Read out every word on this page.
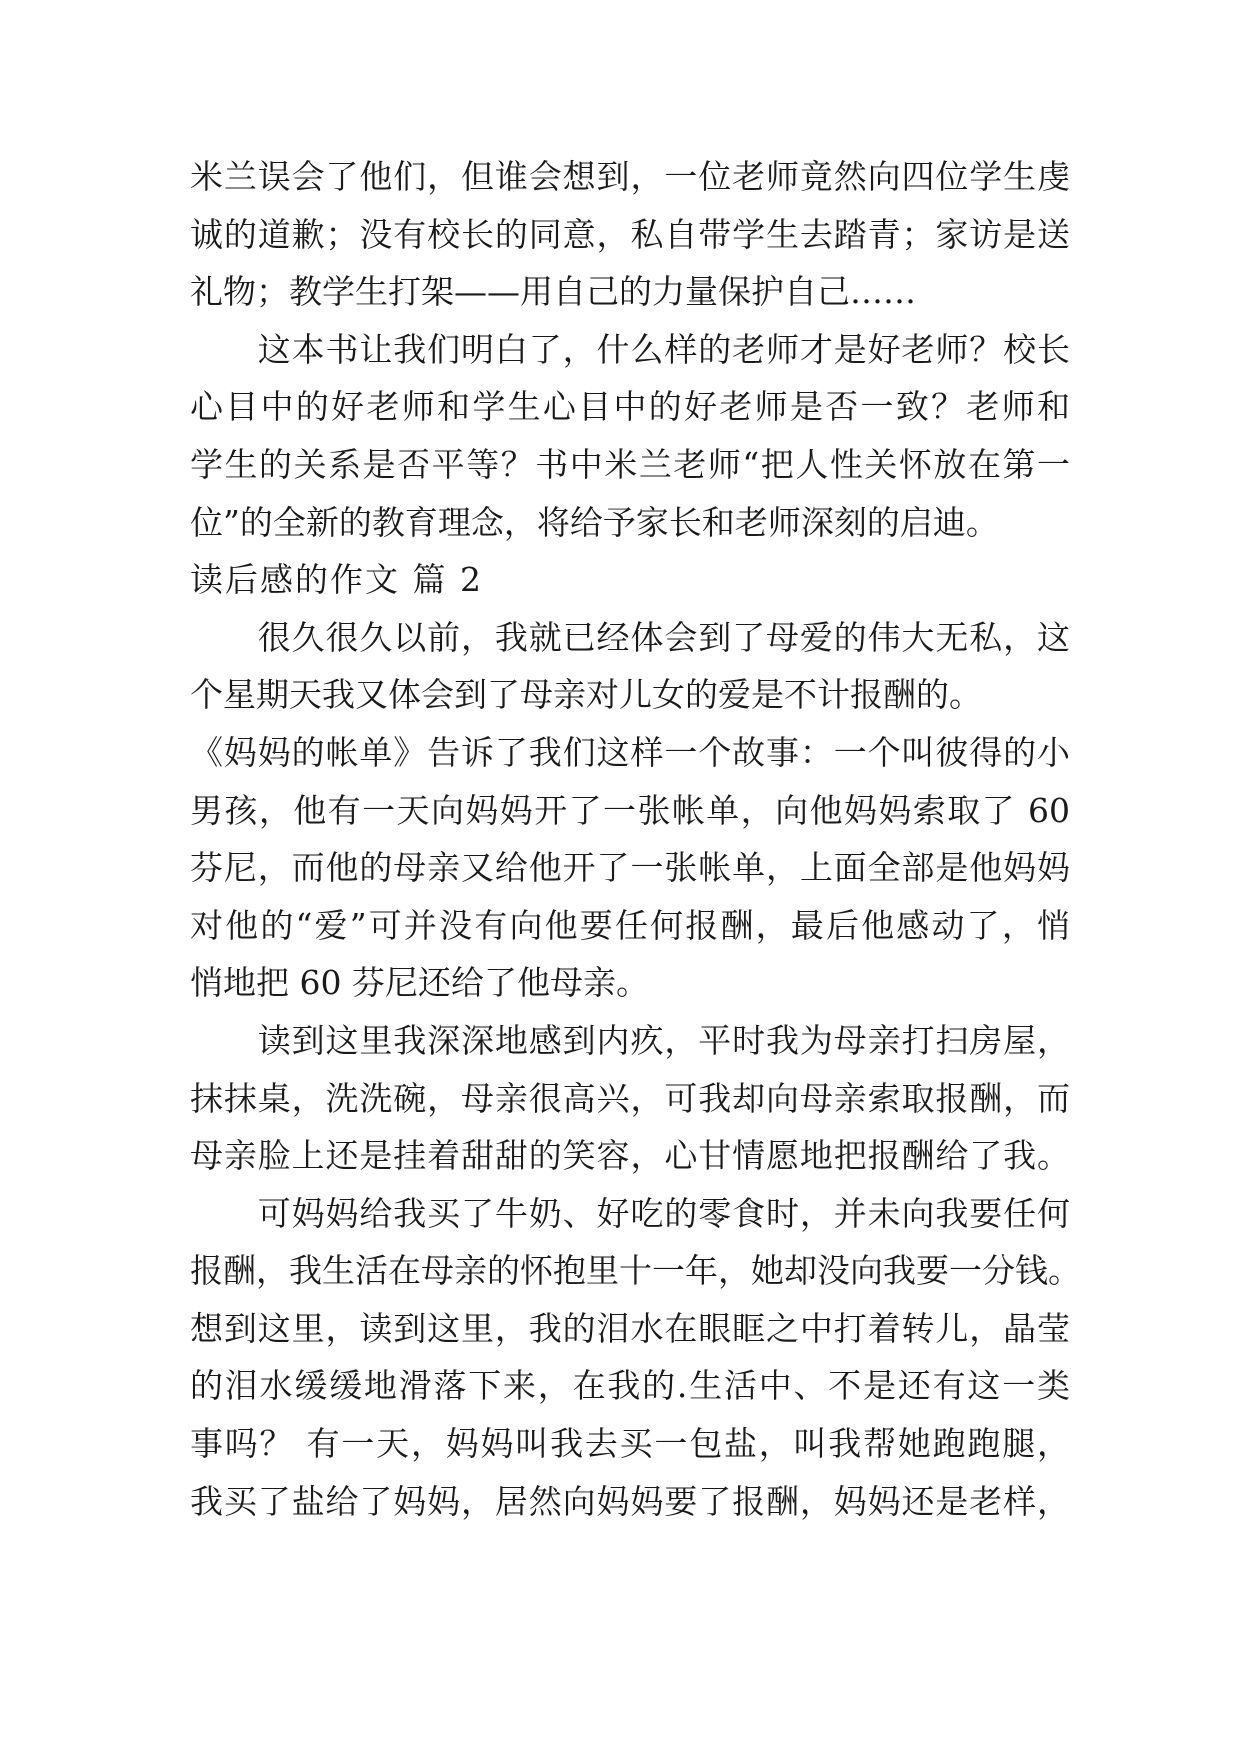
米兰误会了他们，但谁会想到，一位老师竟然向四位学生虔
诚的道歉；没有校长的同意，私自带学生去踏青；家访是送
礼物；教学生打架——用自己的力量保护自己……
　　这本书让我们明白了，什么样的老师才是好老师？校长
心目中的好老师和学生心目中的好老师是否一致？老师和
学生的关系是否平等？书中米兰老师“把人性关怀放在第一
位”的全新的教育理念，将给予家长和老师深刻的启迪。
读后感的作文 篇 2
　　很久很久以前，我就已经体会到了母爱的伟大无私，这
个星期天我又体会到了母亲对儿女的爱是不计报酬的。
《妈妈的帐单》告诉了我们这样一个故事：一个叫彼得的小
男孩，他有一天向妈妈开了一张帐单，向他妈妈索取了 60
芬尼，而他的母亲又给他开了一张帐单，上面全部是他妈妈
对他的“爱”可并没有向他要任何报酬，最后他感动了，悄
悄地把 60 芬尼还给了他母亲。
　　读到这里我深深地感到内疚，平时我为母亲打扫房屋，
抹抹桌，洗洗碗，母亲很高兴，可我却向母亲索取报酬，而
母亲脸上还是挂着甜甜的笑容，心甘情愿地把报酬给了我。
　　可妈妈给我买了牛奶、好吃的零食时，并未向我要任何
报酬，我生活在母亲的怀抱里十一年，她却没向我要一分钱。
想到这里，读到这里，我的泪水在眼眶之中打着转儿，晶莹
的泪水缓缓地滑落下来，在我的.生活中、不是还有这一类
事吗？ 有一天，妈妈叫我去买一包盐，叫我帮她跑跑腿，
我买了盐给了妈妈，居然向妈妈要了报酬，妈妈还是老样，
